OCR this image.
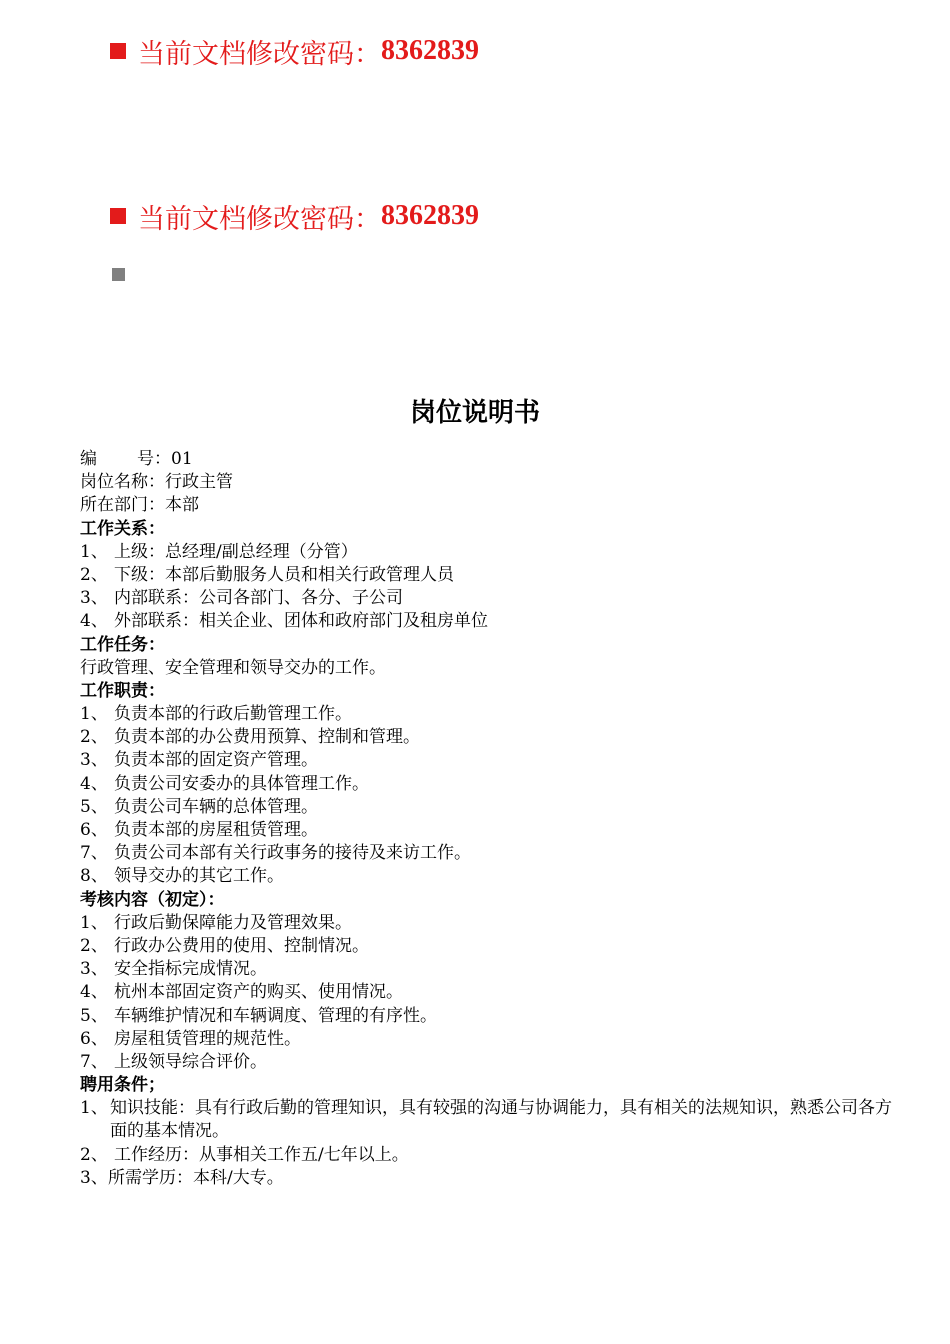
当前文档修改密码： 8362839
当前文档修改密码： 8362839
岗位说明书
编 号：01
岗位名称：行政主管
所在部门：本部
工作关系：
1、 上级：总经理/副总经理（分管）
2、 下级：本部后勤服务人员和相关行政管理人员
3、 内部联系：公司各部门、各分、子公司
4、 外部联系：相关企业、团体和政府部门及租房单位
工作任务：
行政管理、安全管理和领导交办的工作。
工作职责：
1、 负责本部的行政后勤管理工作。
2、 负责本部的办公费用预算、控制和管理。
3、 负责本部的固定资产管理。
4、 负责公司安委办的具体管理工作。
5、 负责公司车辆的总体管理。
6、 负责本部的房屋租赁管理。
7、 负责公司本部有关行政事务的接待及来访工作。
8、 领导交办的其它工作。
考核内容（初定）：
1、 行政后勤保障能力及管理效果。
2、 行政办公费用的使用、控制情况。
3、 安全指标完成情况。
4、 杭州本部固定资产的购买、使用情况。
5、 车辆维护情况和车辆调度、管理的有序性。
6、 房屋租赁管理的规范性。
7、 上级领导综合评价。
聘用条件；
1、 知识技能：具有行政后勤的管理知识，具有较强的沟通与协调能力，具有相关的法规知识，熟悉公司各方面的基本情况。
2、 工作经历：从事相关工作五/七年以上。
3、所需学历：本科/大专。
